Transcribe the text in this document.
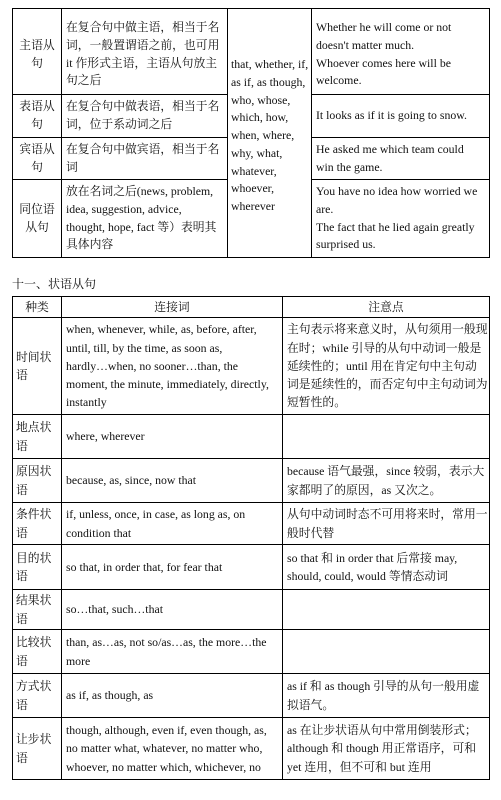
主语从
句
在复合句中做主语，相当于名
词，一般置谓语之前，也可用
it 作形式主语，主语从句放主
句之后
that, whether, if,
as if, as though,
who, whose,
which, how,
when, where,
why, what,
whatever,
whoever,
wherever
Whether he will come or not
doesn't matter much.
Whoever comes here will be
welcome.
表语从
句
在复合句中做表语，相当于名
词，位于系动词之后
It looks as if it is going to snow.
宾语从
句
在复合句中做宾语，相当于名
词
He asked me which team could
win the game.
同位语
从句
放在名词之后(news, problem,
idea, suggestion, advice,
thought, hope, fact 等）表明其
具体内容
You have no idea how worried we
are.
The fact that he lied again greatly
surprised us.
十一、状语从句
种类	连接词	注意点
时间状
语
when, whenever, while, as, before, after,
until, till, by the time, as soon as,
hardly…when, no sooner…than, the
moment, the minute, immediately, directly,
instantly
主句表示将来意义时，从句须用一般现
在时；while 引导的从句中动词一般是
延续性的；until 用在肯定句中主句动
词是延续性的，而否定句中主句动词为
短暂性的。
地点状
语
where, wherever
原因状
语
because, as, since, now that
because 语气最强，since 较弱，表示大
家都明了的原因，as 又次之。
条件状
语
if, unless, once, in case, as long as, on
condition that
从句中动词时态不可用将来时，常用一
般时代替
目的状
语
so that, in order that, for fear that
so that 和 in order that 后常接 may,
should, could, would 等情态动词
结果状
语
so…that, such…that
比较状
语
than, as…as, not so/as…as, the more…the
more
方式状
语
as if, as though, as
as if 和 as though 引导的从句一般用虚
拟语气。
让步状
语
though, although, even if, even though, as,
no matter what, whatever, no matter who,
whoever, no matter which, whichever, no
as 在让步状语从句中常用倒装形式；
although 和 though 用正常语序，可和
yet 连用，但不可和 but 连用
